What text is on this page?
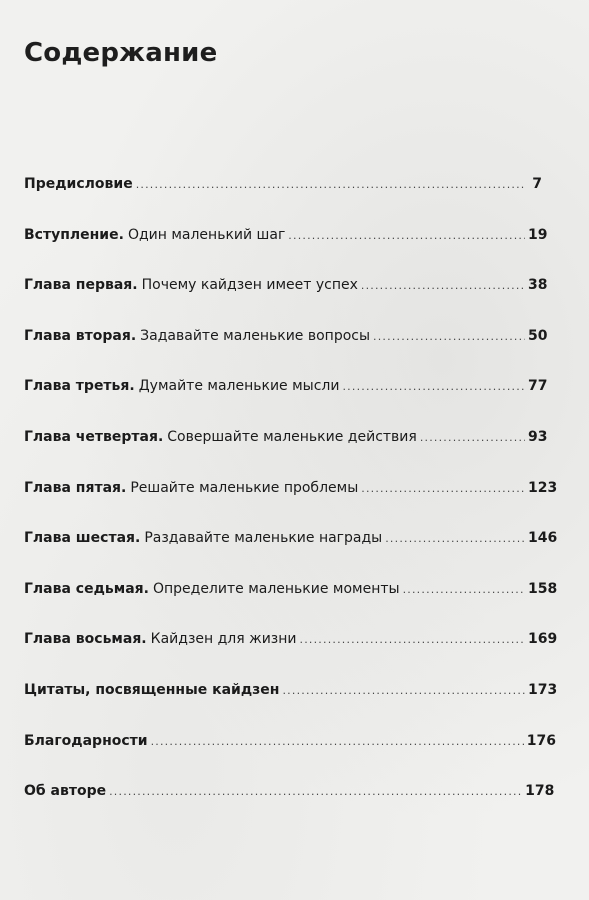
Содержание
Предисловие .....	7
Вступление. Один маленький шаг .....	19
Глава первая. Почему кайдзен имеет успех .....	38
Глава вторая. Задавайте маленькие вопросы .....	50
Глава третья. Думайте маленькие мысли .....	77
Глава четвертая. Совершайте маленькие действия .....	93
Глава пятая. Решайте маленькие проблемы .....	123
Глава шестая. Раздавайте маленькие награды .....	146
Глава седьмая. Определите маленькие моменты .....	158
Глава восьмая. Кайдзен для жизни .....	169
Цитаты, посвященные кайдзен .....	173
Благодарности .....	176
Об авторе .....	178
